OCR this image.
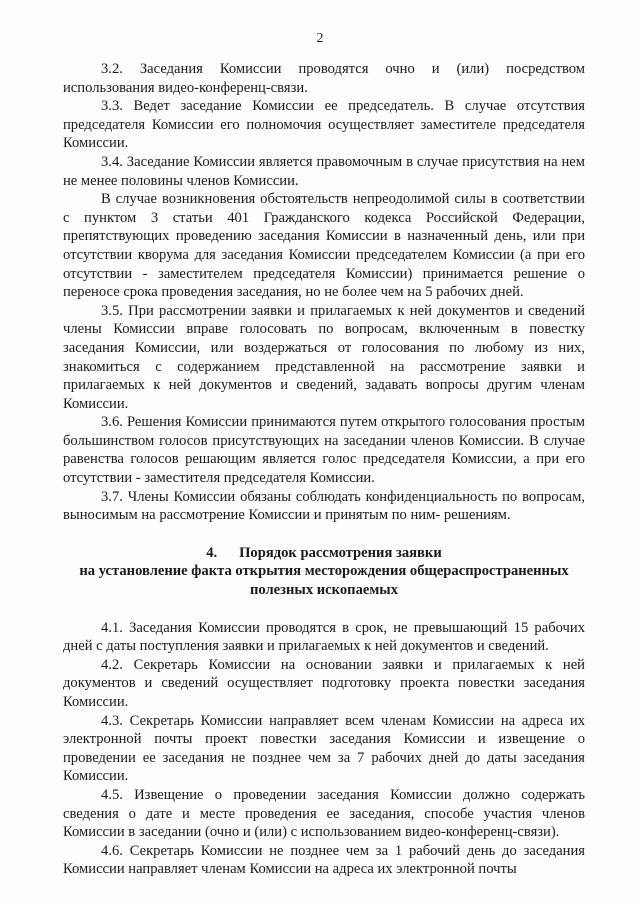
2

3.2. Заседания Комиссии проводятся очно и (или) посредством использования видео-конференц-связи.

3.3. Ведет заседание Комиссии ее председатель. В случае отсутствия председателя Комиссии его полномочия осуществляет заместителе председателя Комиссии.

3.4. Заседание Комиссии является правомочным в случае присутствия на нем не менее половины членов Комиссии.

В случае возникновения обстоятельств непреодолимой силы в соответствии с пунктом 3 статьи 401 Гражданского кодекса Российской Федерации, препятствующих проведению заседания Комиссии в назначенный день, или при отсутствии кворума для заседания Комиссии председателем Комиссии (а при его отсутствии - заместителем председателя Комиссии) принимается решение о переносе срока проведения заседания, но не более чем на 5 рабочих дней.

3.5. При рассмотрении заявки и прилагаемых к ней документов и сведений члены Комиссии вправе голосовать по вопросам, включенным в повестку заседания Комиссии, или воздержаться от голосования по любому из них, знакомиться с содержанием представленной на рассмотрение заявки и прилагаемых к ней документов и сведений, задавать вопросы другим членам Комиссии.

3.6. Решения Комиссии принимаются путем открытого голосования простым большинством голосов присутствующих на заседании членов Комиссии. В случае равенства голосов решающим является голос председателя Комиссии, а при его отсутствии - заместителя председателя Комиссии.

3.7. Члены Комиссии обязаны соблюдать конфиденциальность по вопросам, выносимым на рассмотрение Комиссии и принятым по ним- решениям.

4.      Порядок рассмотрения заявки

на установление факта открытия месторождения общераспространенных

полезных ископаемых

4.1. Заседания Комиссии проводятся в срок, не превышающий 15 рабочих дней с даты поступления заявки и прилагаемых к ней документов и сведений.

4.2. Секретарь Комиссии на основании заявки и прилагаемых к ней документов и сведений осуществляет подготовку проекта повестки заседания Комиссии.

4.3. Секретарь Комиссии направляет всем членам Комиссии на адреса их электронной почты проект повестки заседания Комиссии и извещение о проведении ее заседания не позднее чем за 7 рабочих дней до даты заседания Комиссии.

4.5. Извещение о проведении заседания Комиссии должно содержать сведения о дате и месте проведения ее заседания, способе участия членов Комиссии в заседании (очно и (или) с использованием видео-конференц-связи).

4.6. Секретарь Комиссии не позднее чем за 1 рабочий день до заседания Комиссии направляет членам Комиссии на адреса их электронной почты
